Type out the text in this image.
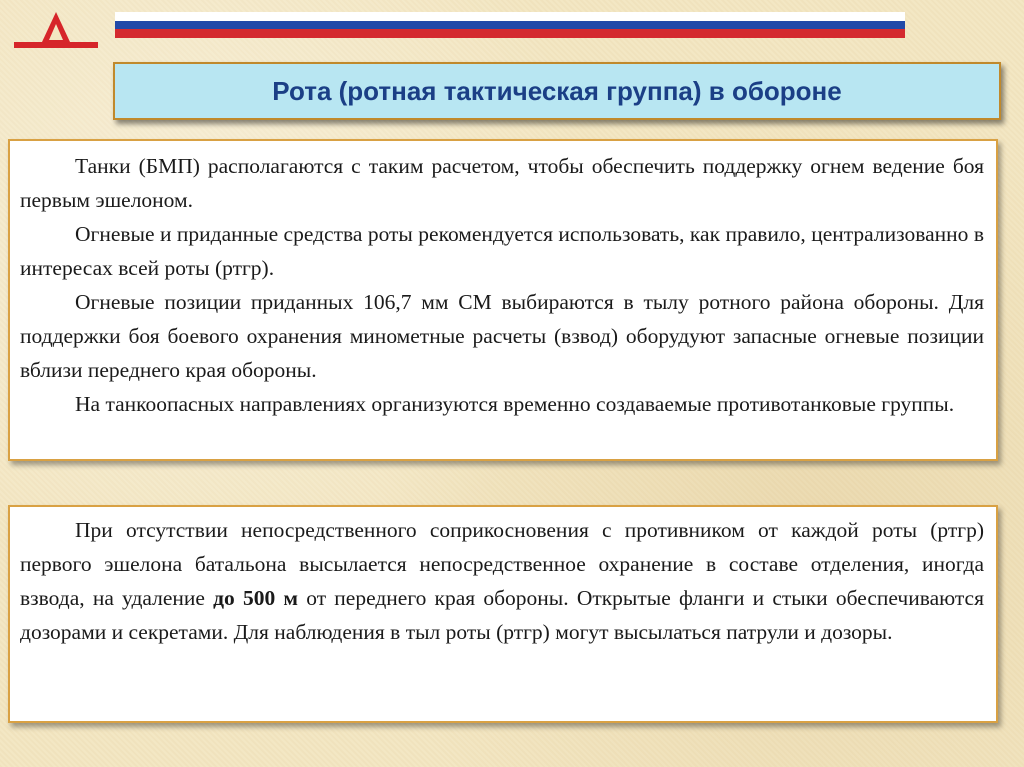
Рота (ротная тактическая группа) в обороне

Танки (БМП) располагаются с таким расчетом, чтобы обеспечить поддержку огнем ведение боя первым эшелоном.

Огневые и приданные средства роты рекомендуется использовать, как правило, централизованно в интересах всей роты (ртгр).

Огневые позиции приданных 106,7 мм СМ выбираются в тылу ротного района обороны. Для поддержки боя боевого охранения минометные расчеты (взвод) оборудуют запасные огневые позиции вблизи переднего края обороны.

На танкоопасных направлениях организуются временно создаваемые противотанковые группы.

При отсутствии непосредственного соприкосновения с противником от каждой роты (ртгр) первого эшелона батальона высылается непосредственное охранение в составе отделения, иногда взвода, на удаление до 500 м от переднего края обороны. Открытые фланги и стыки обеспечиваются дозорами и секретами. Для наблюдения в тыл роты (ртгр) могут высылаться патрули и дозоры.
